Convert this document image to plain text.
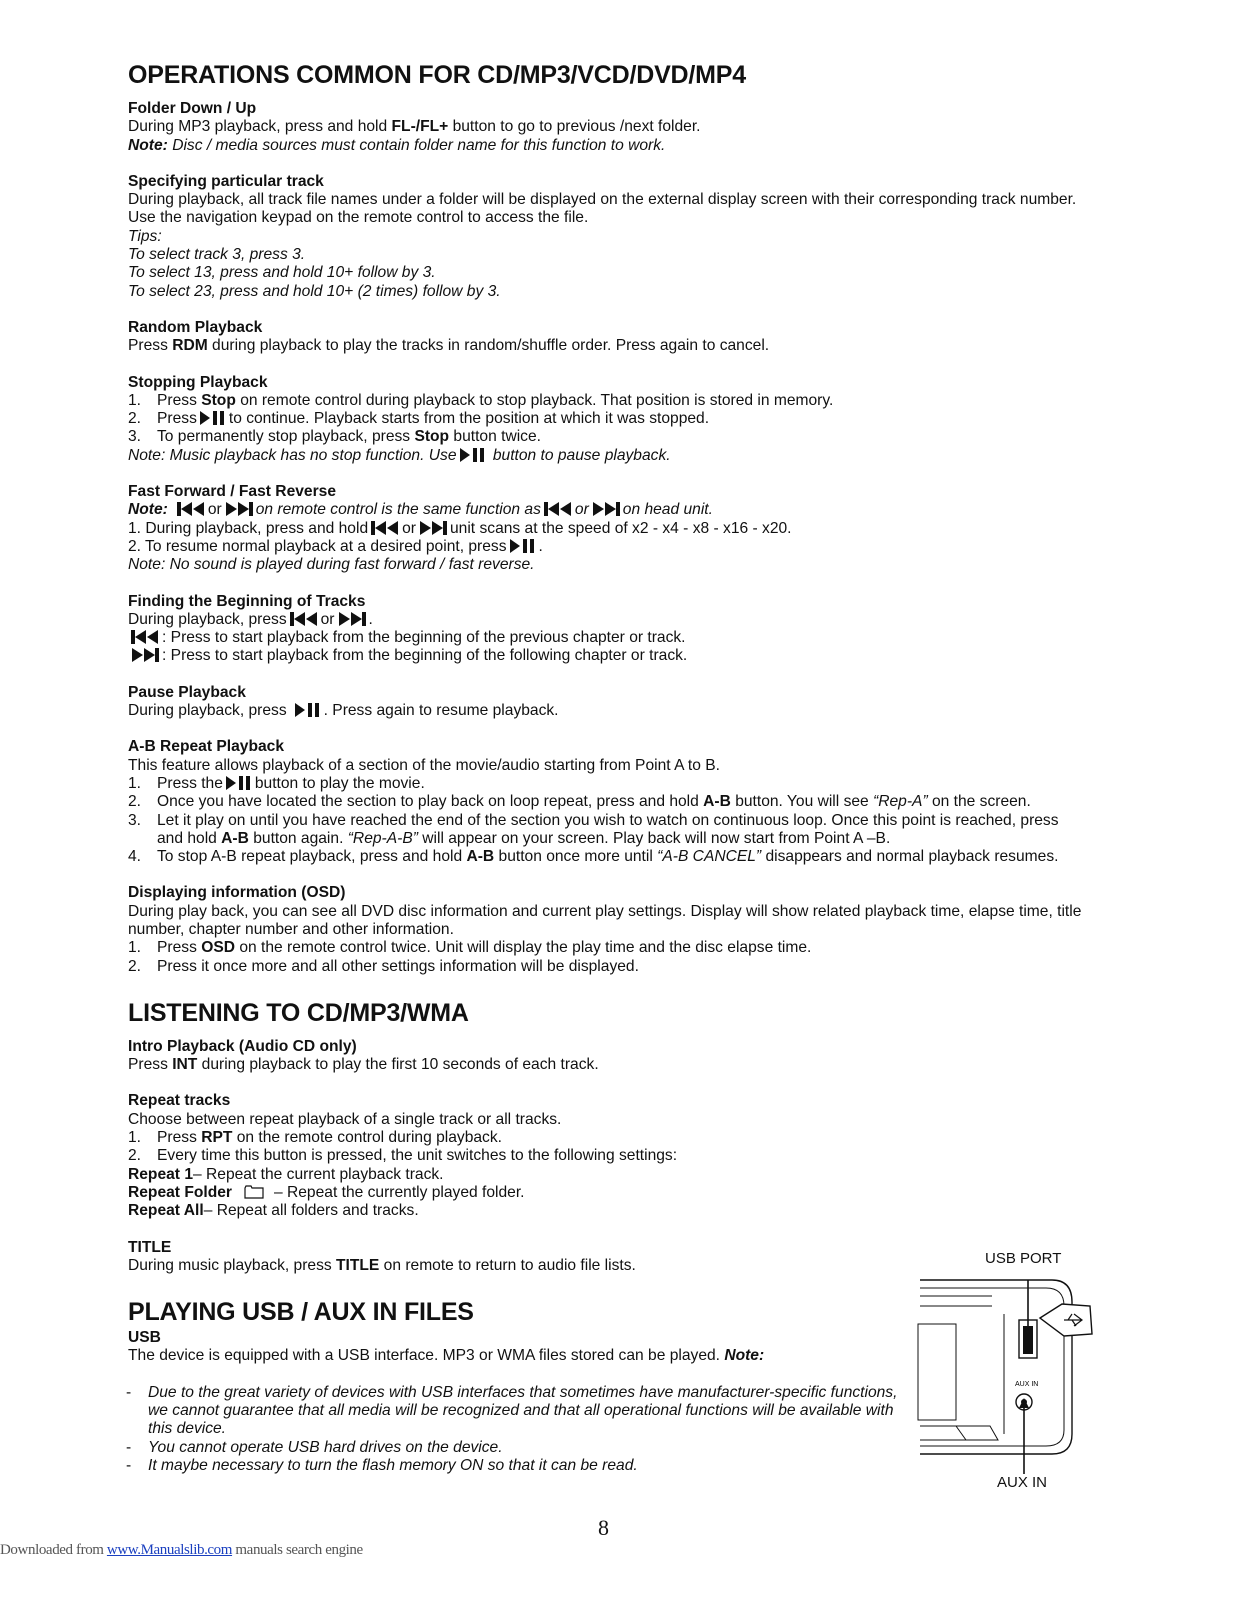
OPERATIONS COMMON FOR CD/MP3/VCD/DVD/MP4
Folder Down / Up

During MP3 playback, press and hold FL-/FL+ button to go to previous /next folder.

Note: Disc / media sources must contain folder name for this function to work.

Specifying particular track

During playback, all track file names under a folder will be displayed on the external display screen with their corresponding track number. Use the navigation keypad on the remote control to access the file.

Tips:

To select track 3, press 3.

To select 13, press and hold 10+ follow by 3.

To select 23, press and hold 10+ (2 times) follow by 3.

Random Playback

Press RDM during playback to play the tracks in random/shuffle order. Press again to cancel.

Stopping Playback
1. Press Stop on remote control during playback to stop playback. That position is stored in memory.
2. Press to continue. Playback starts from the position at which it was stopped.
3. To permanently stop playback, press Stop button twice.

Note: Music playback has no stop function. Use button to pause playback.

Fast Forward / Fast Reverse

Note:	or on remote control is the same function as or on head unit.

1. During playback, press and hold or unit scans at the speed of x2 - x4 - x8 - x16 - x20.

2. To resume normal playback at a desired point, press .

Note: No sound is played during fast forward / fast reverse.

Finding the Beginning of Tracks

During playback, press or .

: Press to start playback from the beginning of the previous chapter or track.

: Press to start playback from the beginning of the following chapter or track.

Pause Playback

During playback, press . Press again to resume playback.

A-B Repeat Playback

This feature allows playback of a section of the movie/audio starting from Point A to B.

1. Press the button to play the movie.
2. Once you have located the section to play back on loop repeat, press and hold A-B button. You will see “Rep-A” on the screen.
3. Let it play on until you have reached the end of the section you wish to watch on continuous loop. Once this point is reached, press and hold A-B button again. “Rep-A-B” will appear on your screen. Play back will now start from Point A –B.
4. To stop A-B repeat playback, press and hold A-B button once more until “A-B CANCEL” disappears and normal playback resumes.
Displaying information (OSD)

During play back, you can see all DVD disc information and current play settings. Display will show related playback time, elapse time, title number, chapter number and other information.

1. Press OSD on the remote control twice. Unit will display the play time and the disc elapse time.
2. Press it once more and all other settings information will be displayed.
LISTENING TO CD/MP3/WMA
Intro Playback (Audio CD only)

Press INT during playback to play the first 10 seconds of each track.

Repeat tracks

Choose between repeat playback of a single track or all tracks.

1. Press RPT on the remote control during playback.
2. Every time this button is pressed, the unit switches to the following settings:

Repeat 1– Repeat the current playback track.

Repeat Folder	– Repeat the currently played folder.

Repeat All– Repeat all folders and tracks.

TITLE

During music playback, press TITLE on remote to return to audio file lists.

PLAYING USB / AUX IN FILES
USB

The device is equipped with a USB interface. MP3 or WMA files stored can be played. Note:

- Due to the great variety of devices with USB interfaces that sometimes have manufacturer-specific functions, we cannot guarantee that all media will be recognized and that all operational functions will be available with this device.
- You cannot operate USB hard drives on the device.
- It maybe necessary to turn the flash memory ON so that it can be read.
USB PORT
AUX IN
AUX IN
8
Downloaded from www.Manualslib.com manuals search engine
